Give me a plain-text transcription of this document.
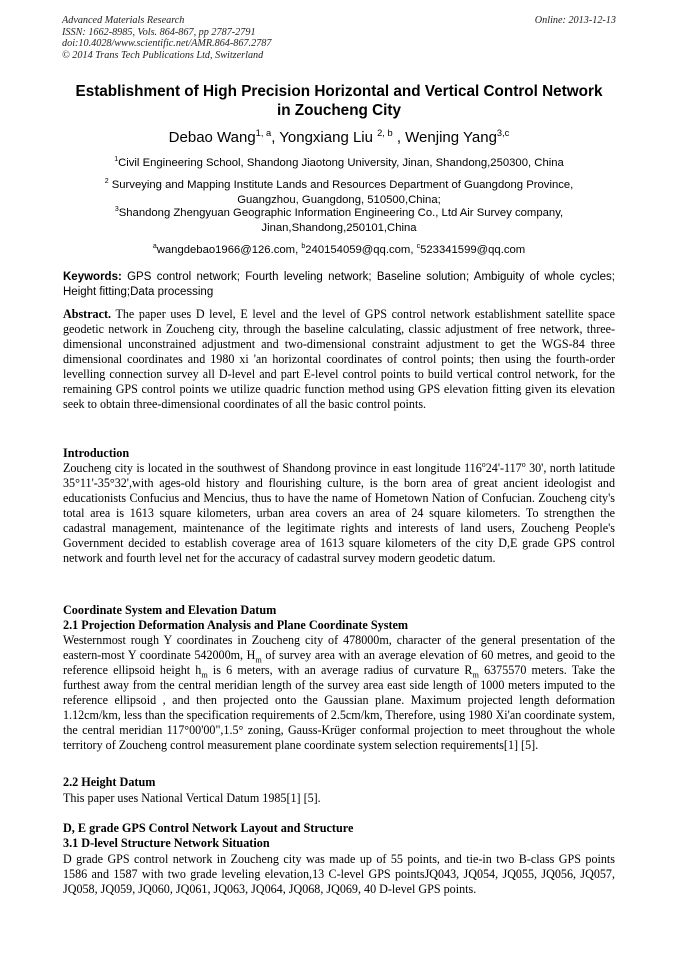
Advanced Materials Research
ISSN: 1662-8985, Vols. 864-867, pp 2787-2791
doi:10.4028/www.scientific.net/AMR.864-867.2787
© 2014 Trans Tech Publications Ltd, Switzerland
Online: 2013-12-13
Establishment of High Precision Horizontal and Vertical Control Network
in Zoucheng City
Debao Wang$^{1, a}$, Yongxiang Liu $^{2, b}$ , Wenjing Yang$^{3,c}$
$^1$Civil Engineering School, Shandong Jiaotong University, Jinan, Shandong,250300, China
$^2$ Surveying and Mapping Institute Lands and Resources Department of Guangdong Province,
Guangzhou, Guangdong, 510500,China;
$^3$Shandong Zhengyuan Geographic Information Engineering Co., Ltd Air Survey company,
Jinan,Shandong,250101,China
$^a$wangdebao1966@126.com, $^b$240154059@qq.com, $^c$523341599@qq.com
Keywords: GPS control network; Fourth leveling network; Baseline solution; Ambiguity of whole cycles; Height fitting;Data processing
Abstract. The paper uses D level, E level and the level of GPS control network establishment satellite space geodetic network in Zoucheng city, through the baseline calculating, classic adjustment of free network, three-dimensional unconstrained adjustment and two-dimensional constraint adjustment to get the WGS-84 three dimensional coordinates and 1980 xi 'an horizontal coordinates of control points; then using the fourth-order levelling connection survey all D-level and part E-level control points to build vertical control network, for the remaining GPS control points we utilize quadric function method using GPS elevation fitting given its elevation seek to obtain three-dimensional coordinates of all the basic control points.
Introduction
Zoucheng city is located in the southwest of Shandong province in east longitude 116$^o$24'-117$^o$ 30', north latitude 35°11'-35°32',with ages-old history and flourishing culture, is the born area of great ancient ideologist and educationists Confucius and Mencius, thus to have the name of Hometown Nation of Confucian. Zoucheng city's total area is 1613 square kilometers, urban area covers an area of 24 square kilometers. To strengthen the cadastral management, maintenance of the legitimate rights and interests of land users, Zoucheng People's Government decided to establish coverage area of 1613 square kilometers of the city D,E grade GPS control network and fourth level net for the accuracy of cadastral survey modern geodetic datum.
Coordinate System and Elevation Datum
2.1 Projection Deformation Analysis and Plane Coordinate System
Westernmost rough Y coordinates in Zoucheng city of 478000m, character of the general presentation of the eastern-most Y coordinate 542000m, $H_m$ of survey area with an average elevation of 60 metres, and geoid to the reference ellipsoid height $h_m$ is 6 meters, with an average radius of curvature $R_m$ 6375570 meters. Take the furthest away from the central meridian length of the survey area east side length of 1000 meters imputed to the reference ellipsoid , and then projected onto the Gaussian plane. Maximum projected length deformation 1.12cm/km, less than the specification requirements of 2.5cm/km, Therefore, using 1980 Xi'an coordinate system, the central meridian 117°00'00",1.5° zoning, Gauss-Krüger conformal projection to meet throughout the whole territory of Zoucheng control measurement plane coordinate system selection requirements[1] [5].
2.2 Height Datum
This paper uses National Vertical Datum 1985[1] [5].
D, E grade GPS Control Network Layout and Structure
3.1 D-level Structure Network Situation
D grade GPS control network in Zoucheng city was made up of 55 points, and tie-in two B-class GPS points 1586 and 1587 with two grade leveling elevation,13 C-level GPS pointsJQ043, JQ054, JQ055, JQ056, JQ057, JQ058, JQ059, JQ060, JQ061, JQ063, JQ064, JQ068, JQ069, 40 D-level GPS points.
